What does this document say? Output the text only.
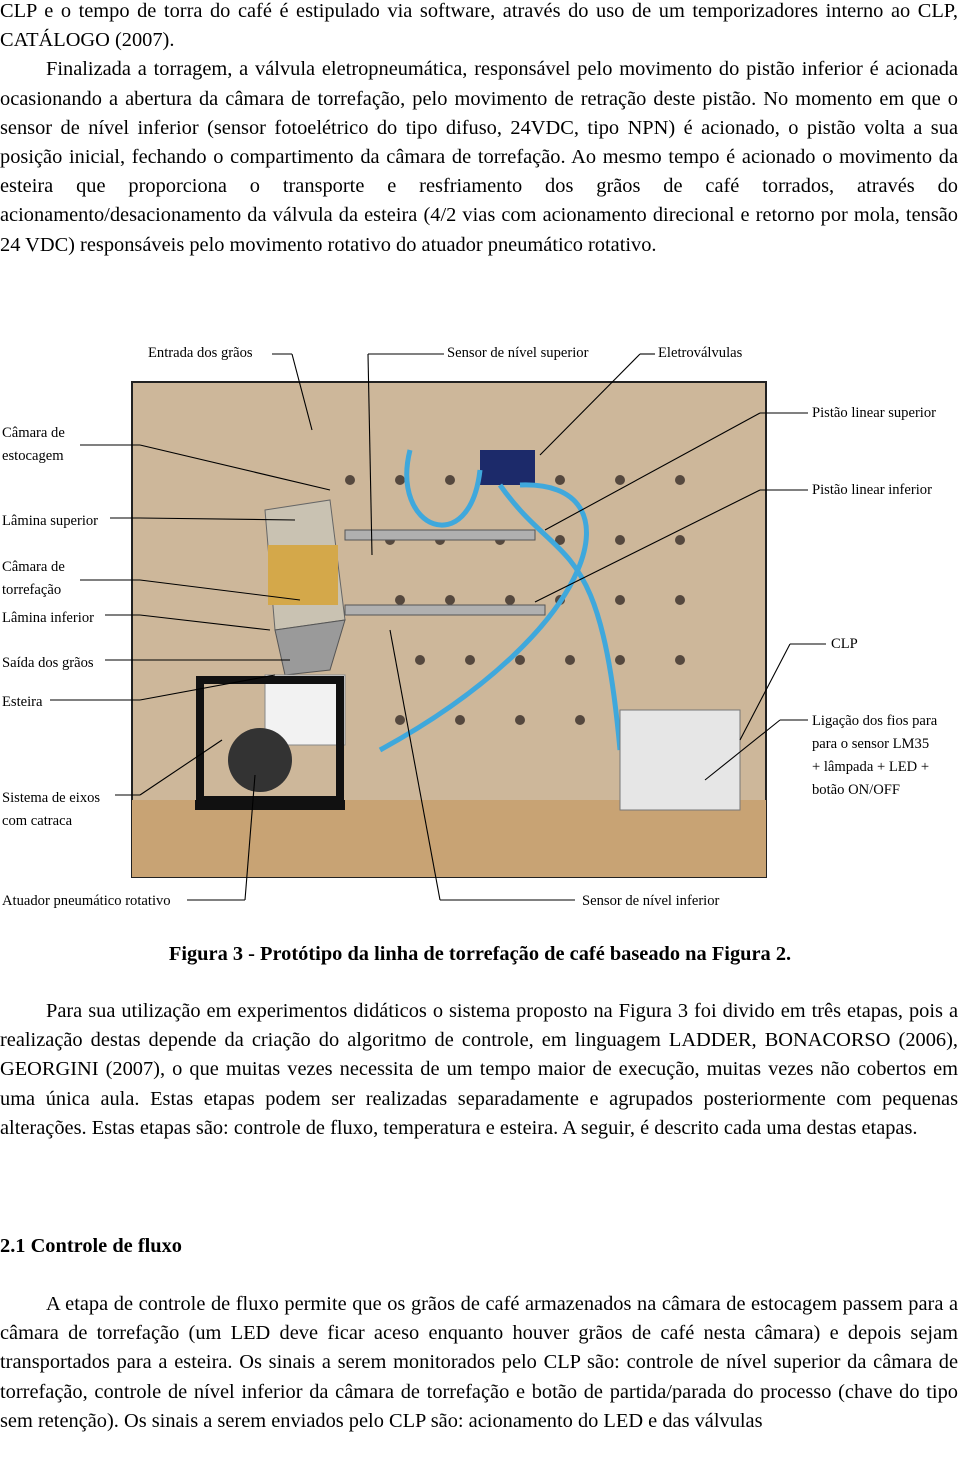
CLP e o tempo de torra do café é estipulado via software, através do uso de um temporizadores interno ao CLP, CATÁLOGO (2007).
Finalizada a torragem, a válvula eletropneumática, responsável pelo movimento do pistão inferior é acionada ocasionando a abertura da câmara de torrefação, pelo movimento de retração deste pistão. No momento em que o sensor de nível inferior (sensor fotoelétrico do tipo difuso, 24VDC, tipo NPN) é acionado, o pistão volta a sua posição inicial, fechando o compartimento da câmara de torrefação. Ao mesmo tempo é acionado o movimento da esteira que proporciona o transporte e resfriamento dos grãos de café torrados, através do acionamento/desacionamento da válvula da esteira (4/2 vias com acionamento direcional e retorno por mola, tensão 24 VDC) responsáveis pelo movimento rotativo do atuador pneumático rotativo.

Entrada dos grãos	Sensor de nível superior	Eletroválvulas
Câmara de
estocagem
Lâmina superior
Câmara de
torrefação
Lâmina inferior
Saída dos grãos
Esteira
Sistema de eixos
com catraca
Atuador pneumático rotativo	Sensor de nível inferior
Pistão linear superior
Pistão linear inferior
CLP
Ligação dos fios para
para o sensor LM35
+ lâmpada + LED +
botão ON/OFF

Figura 3 - Protótipo da linha de torrefação de café baseado na Figura 2.

Para sua utilização em experimentos didáticos o sistema proposto na Figura 3 foi divido em três etapas, pois a realização destas depende da criação do algoritmo de controle, em linguagem LADDER, BONACORSO (2006), GEORGINI (2007), o que muitas vezes necessita de um tempo maior de execução, muitas vezes não cobertos em uma única aula. Estas etapas podem ser realizadas separadamente e agrupados posteriormente com pequenas alterações. Estas etapas são: controle de fluxo, temperatura e esteira. A seguir, é descrito cada uma destas etapas.

2.1 Controle de fluxo

A etapa de controle de fluxo permite que os grãos de café armazenados na câmara de estocagem passem para a câmara de torrefação (um LED deve ficar aceso enquanto houver grãos de café nesta câmara) e depois sejam transportados para a esteira. Os sinais a serem monitorados pelo CLP são: controle de nível superior da câmara de torrefação, controle de nível inferior da câmara de torrefação e botão de partida/parada do processo (chave do tipo sem retenção). Os sinais a serem enviados pelo CLP são: acionamento do LED e das válvulas
